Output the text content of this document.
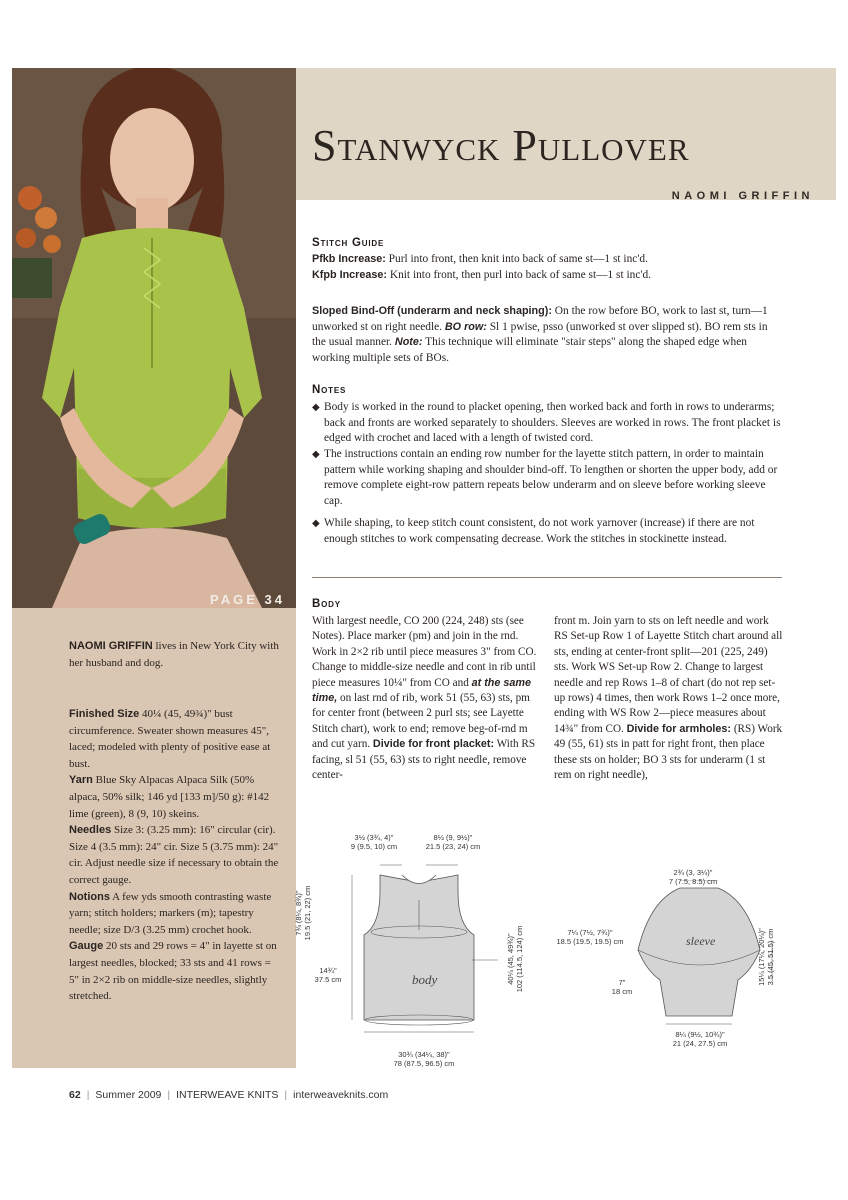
Stanwyck Pullover
NAOMI GRIFFIN
PAGE 34
NAOMI GRIFFIN lives in New York City with her husband and dog.
Finished Size 40¼ (45, 49¾)" bust circumference. Sweater shown measures 45", laced; modeled with plenty of positive ease at bust.
Yarn Blue Sky Alpacas Alpaca Silk (50% alpaca, 50% silk; 146 yd [133 m]/50 g): #142 lime (green), 8 (9, 10) skeins.
Needles Size 3: (3.25 mm): 16" circular (cir). Size 4 (3.5 mm): 24" cir. Size 5 (3.75 mm): 24" cir. Adjust needle size if necessary to obtain the correct gauge.
Notions A few yds smooth contrasting waste yarn; stitch holders; markers (m); tapestry needle; size D/3 (3.25 mm) crochet hook.
Gauge 20 sts and 29 rows = 4" in layette st on largest needles, blocked; 33 sts and 41 rows = 5" in 2×2 rib on middle-size needles, slightly stretched.
Stitch Guide
Pfkb Increase: Purl into front, then knit into back of same st—1 st inc'd.
Kfpb Increase: Knit into front, then purl into back of same st—1 st inc'd.
Sloped Bind-Off (underarm and neck shaping): On the row before BO, work to last st, turn—1 unworked st on right needle. BO row: Sl 1 pwise, psso (unworked st over slipped st). BO rem sts in the usual manner. Note: This technique will eliminate "stair steps" along the shaped edge when working multiple sets of BOs.
Notes
◆ Body is worked in the round to placket opening, then worked back and forth in rows to underarms; back and fronts are worked separately to shoulders. Sleeves are worked in rows. The front placket is edged with crochet and laced with a length of twisted cord.
◆ The instructions contain an ending row number for the layette stitch pattern, in order to maintain pattern while working shaping and shoulder bind-off. To lengthen or shorten the upper body, add or remove complete eight-row pattern repeats below underarm and on sleeve before working sleeve cap.
◆ While shaping, to keep stitch count consistent, do not work yarnover (increase) if there are not enough stitches to work compensating decrease. Work the stitches in stockinette instead.
Body
With largest needle, CO 200 (224, 248) sts (see Notes). Place marker (pm) and join in the rnd. Work in 2×2 rib until piece measures 3" from CO. Change to middle-size needle and cont in rib until piece measures 10¼" from CO and at the same time, on last rnd of rib, work 51 (55, 63) sts, pm for center front (between 2 purl sts; see Layette Stitch chart), work to end; remove beg-of-rnd m and cut yarn. Divide for front placket: With RS facing, sl 51 (55, 63) sts to right needle, remove center-
front m. Join yarn to sts on left needle and work RS Set-up Row 1 of Layette Stitch chart around all sts, ending at center-front split—201 (225, 249) sts. Work WS Set-up Row 2. Change to largest needle and rep Rows 1–8 of chart (do not rep set-up rows) 4 times, then work Rows 1–2 once more, ending with WS Row 2—piece measures about 14¾" from CO. Divide for armholes: (RS) Work 49 (55, 61) sts in patt for right front, then place these sts on holder; BO 3 sts for underarm (1 st rem on right needle),
3½ (3¾, 4)"
9 (9.5, 10) cm
8½ (9, 9½)"
21.5 (23, 24) cm
7¾ (8¼, 8¾)"
19.5 (21, 22) cm
14¾"
37.5 cm	40¼ (45, 49¾)"
102 (114.5, 124) cm
30¾ (34¼, 38)"
78 (87.5, 96.5) cm
body
2¾ (3, 3¼)"
7 (7.5, 8.5) cm
7¼ (7½, 7¾)"
18.5 (19.5, 19.5) cm
7"
18 cm
15¼ (17¼, 20¼)"
3.5 (45, 51.5) cm
8¼ (9½, 10¾)"
21 (24, 27.5) cm
sleeve
62 | Summer 2009 | INTERWEAVE KNITS | interweaveknits.com
